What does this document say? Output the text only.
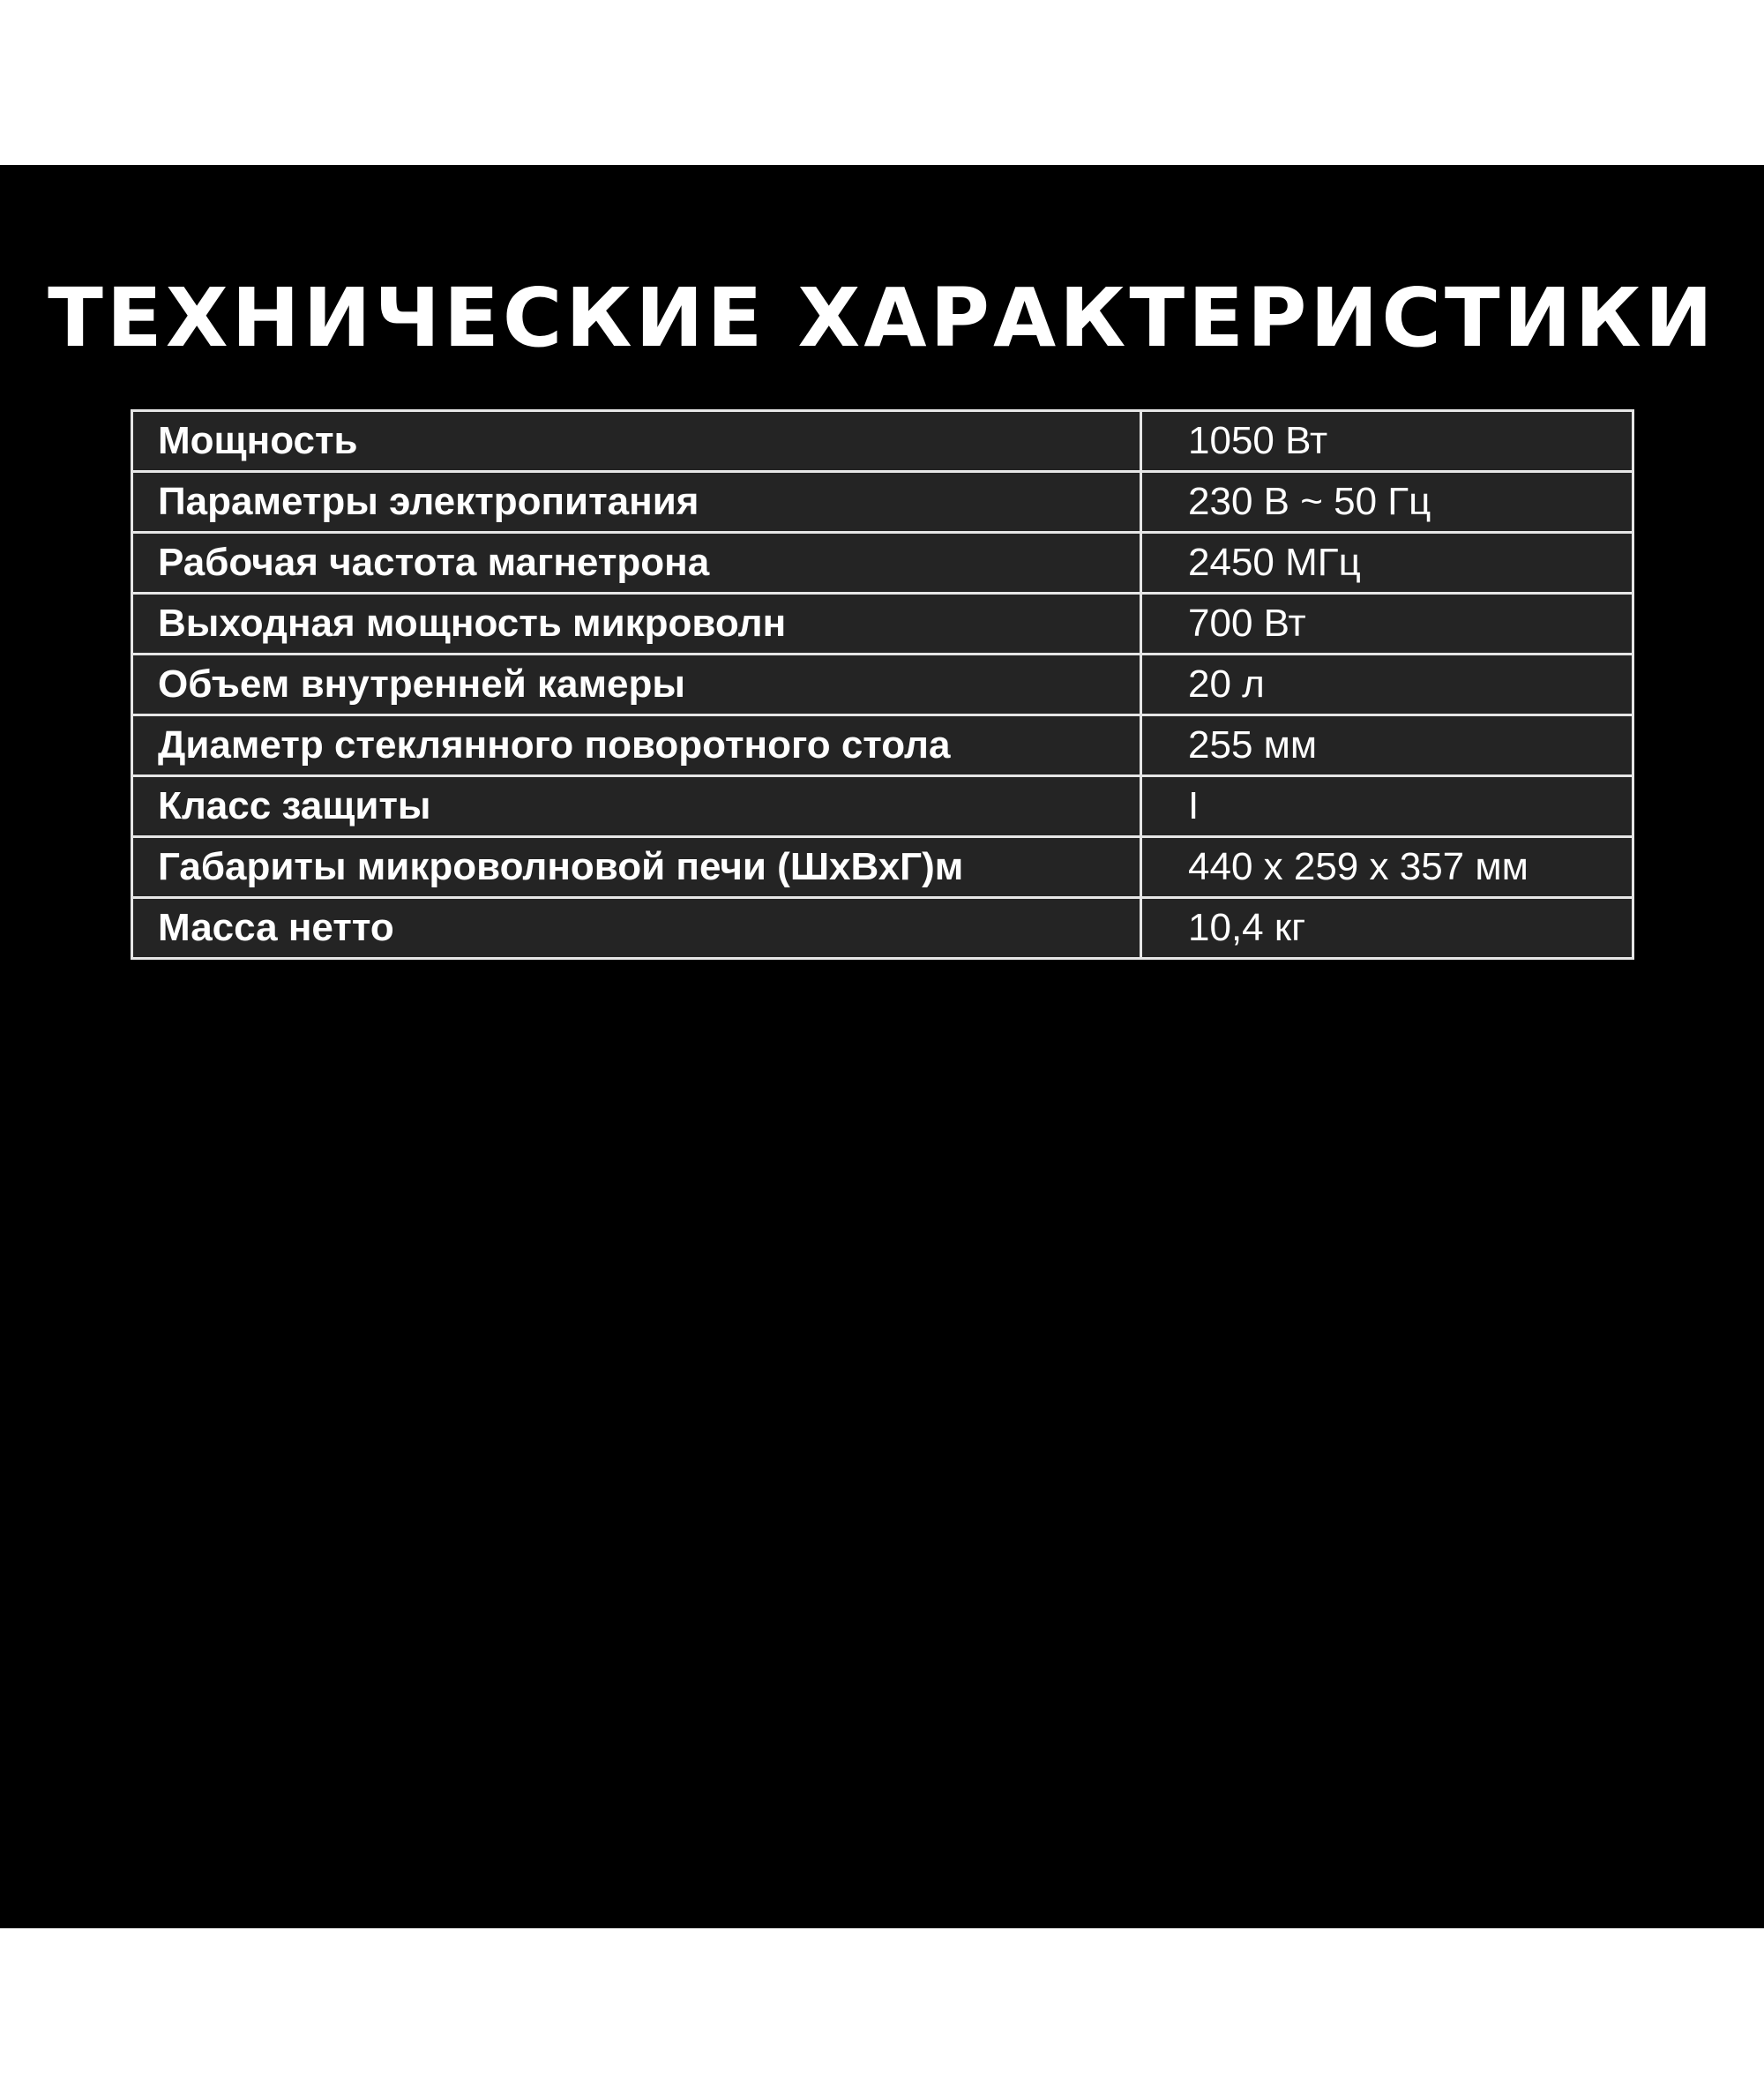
ТЕХНИЧЕСКИЕ ХАРАКТЕРИСТИКИ
Мощность	1050 Вт
Параметры электропитания	230 В ~ 50 Гц
Рабочая частота магнетрона	2450 МГц
Выходная мощность микроволн	700 Вт
Объем внутренней камеры	20 л
Диаметр стеклянного поворотного стола	255 мм
Класс защиты	I
Габариты микроволновой печи (ШхВхГ)м	440 х 259 х 357 мм
Масса нетто	10,4 кг
